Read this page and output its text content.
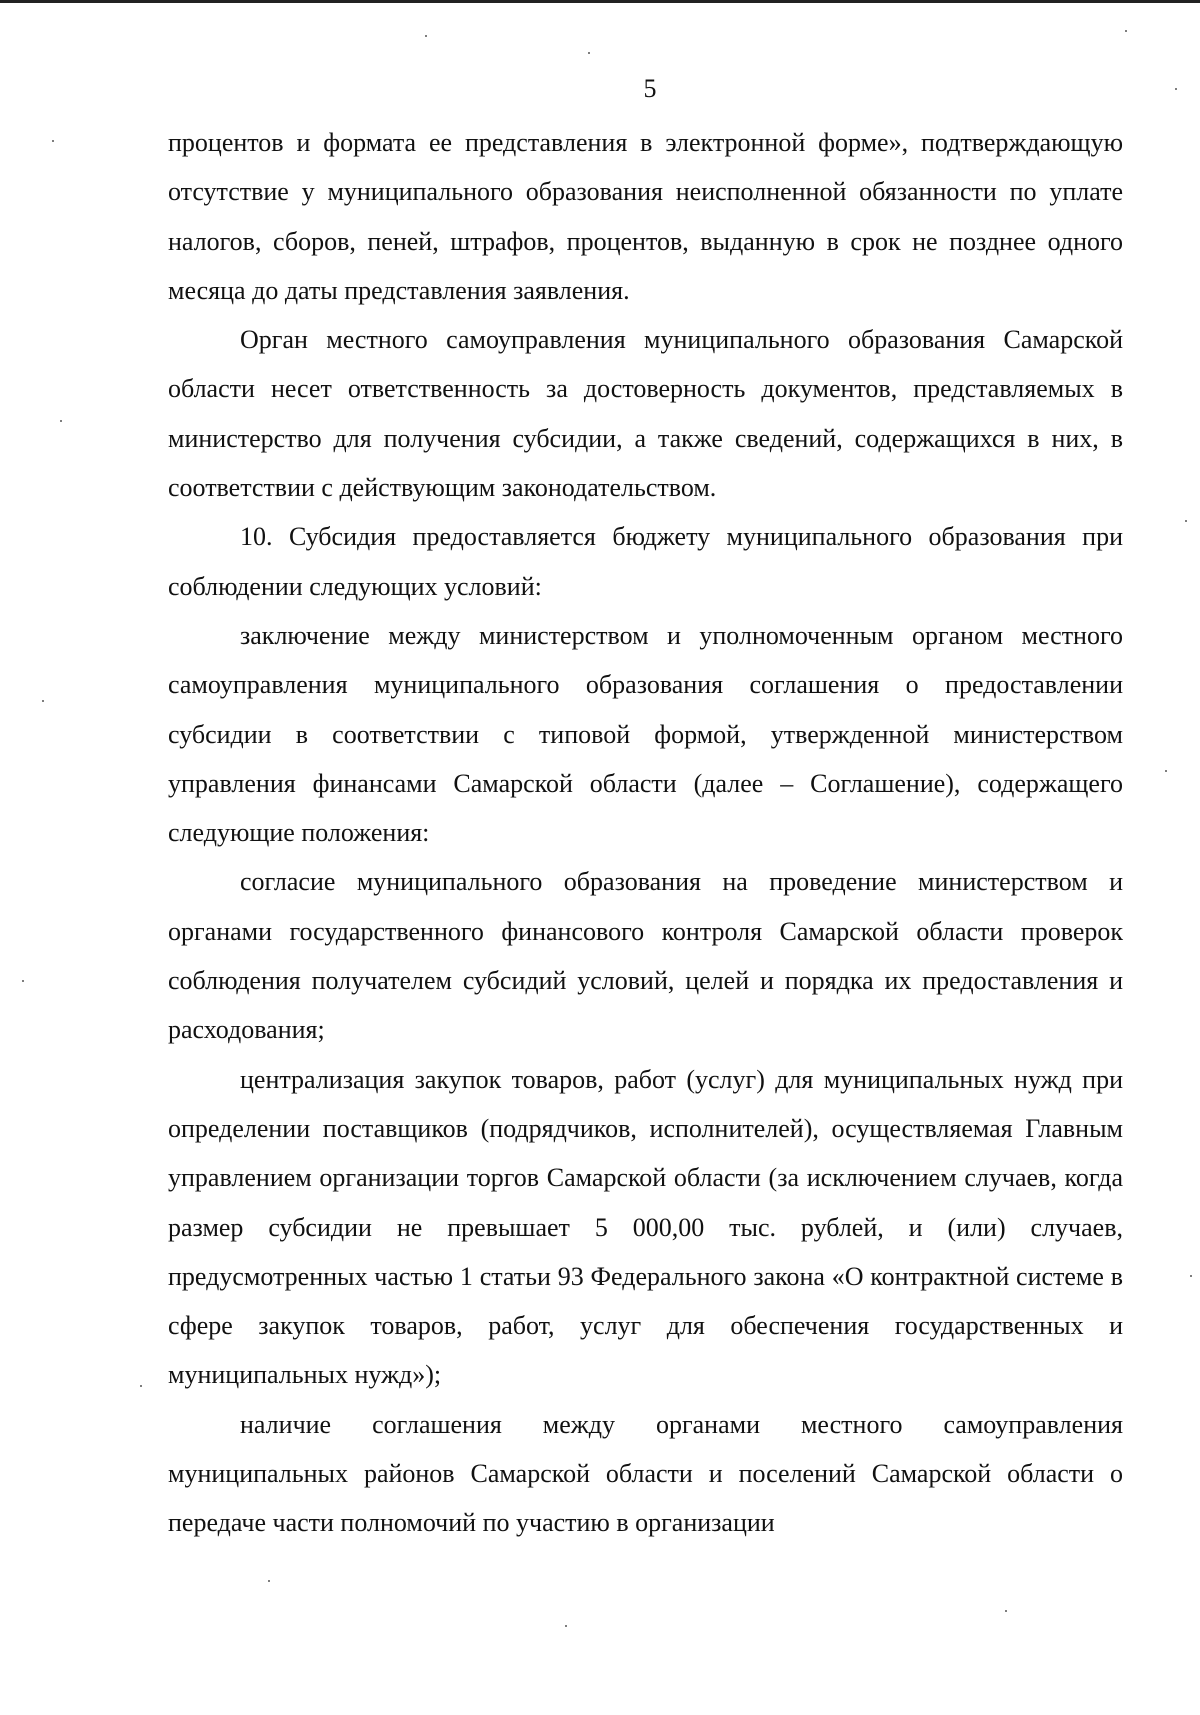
5

процентов и формата ее представления в электронной форме», подтверждающую отсутствие у муниципального образования неисполненной обязанности по уплате налогов, сборов, пеней, штрафов, процентов, выданную в срок не позднее одного месяца до даты представления заявления.

Орган местного самоуправления муниципального образования Самарской области несет ответственность за достоверность документов, представляемых в министерство для получения субсидии, а также сведений, содержащихся в них, в соответствии с действующим законодательством.

10. Субсидия предоставляется бюджету муниципального образования при соблюдении следующих условий:

заключение между министерством и уполномоченным органом местного самоуправления муниципального образования соглашения о предоставлении субсидии в соответствии с типовой формой, утвержденной министерством управления финансами Самарской области (далее – Соглашение), содержащего следующие положения:

согласие муниципального образования на проведение министерством и органами государственного финансового контроля Самарской области проверок соблюдения получателем субсидий условий, целей и порядка их предоставления и расходования;

централизация закупок товаров, работ (услуг) для муниципальных нужд при определении поставщиков (подрядчиков, исполнителей), осуществляемая Главным управлением организации торгов Самарской области (за исключением случаев, когда размер субсидии не превышает 5 000,00 тыс. рублей, и (или) случаев, предусмотренных частью 1 статьи 93 Федерального закона «О контрактной системе в сфере закупок товаров, работ, услуг для обеспечения государственных и муниципальных нужд»);

наличие соглашения между органами местного самоуправления муниципальных районов Самарской области и поселений Самарской области о передаче части полномочий по участию в организации
